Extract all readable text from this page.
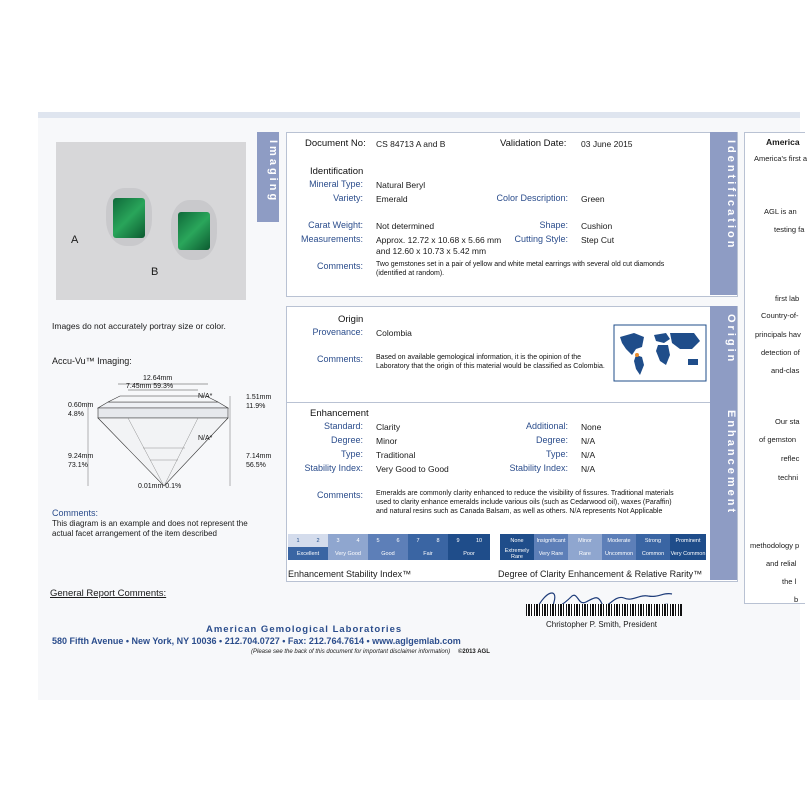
Imaging
A
B
Images do not accurately portray size or color.
Accu-Vu™ Imaging:
12.64mm
7.45mm 59.3%
0.60mm
4.8%
1.51mm
11.9%
N/A*
N/A*
9.24mm
73.1%
7.14mm
56.5%
0.01mm 0.1%
Comments:
This diagram is an example and does not represent the actual facet arrangement of the item described
General Report Comments:
Identification
Document No: CS 84713 A and B	Validation Date: 03 June 2015
Identification
Mineral Type: Natural Beryl
Variety: Emerald	Color Description: Green
Carat Weight: Not determined	Shape: Cushion
Measurements: Approx. 12.72 x 10.68 x 5.66 mm
and 12.60 x 10.73 x 5.42 mm
Cutting Style: Step Cut
Comments: Two gemstones set in a pair of yellow and white metal earrings with several old cut diamonds (identified at random).
Origin
Origin
Provenance: Colombia
Comments: Based on available gemological information, it is the opinion of the Laboratory that the origin of this material would be classified as Colombia.
Enhancement
Enhancement
Standard: Clarity	Additional: None
Degree: Minor	Degree: N/A
Type: Traditional	Type: N/A
Stability Index: Very Good to Good	Stability Index: N/A
Comments: Emeralds are commonly clarity enhanced to reduce the visibility of fissures. Traditional materials used to clarity enhance emeralds include various oils (such as Cedarwood oil), waxes (Paraffin) and natural resins such as Canada Balsam, as well as others. N/A represents Not Applicable
1	2	3	4	5	6	7	8	9	10
Excellent	Very Good	Good	Fair	Poor
Enhancement Stability Index™
None	Insignificant	Minor	Moderate	Strong	Prominent
Extremely Rare	Very Rare	Rare	Uncommon	Common	Very Common
Degree of Clarity Enhancement & Relative Rarity™
Christopher P. Smith, President
American Gemological Laboratories
580 Fifth Avenue • New York, NY 10036 • 212.704.0727 • Fax: 212.764.7614 • www.aglgemlab.com
(Please see the back of this document for important disclaimer information) ©2013 AGL
America
America's first a
AGL is an
testing fa
first lab
Country-of-
principals hav
detection of
and-clas
Our sta
of gemston
reflec
techni
methodology p
and relial
the l
b
